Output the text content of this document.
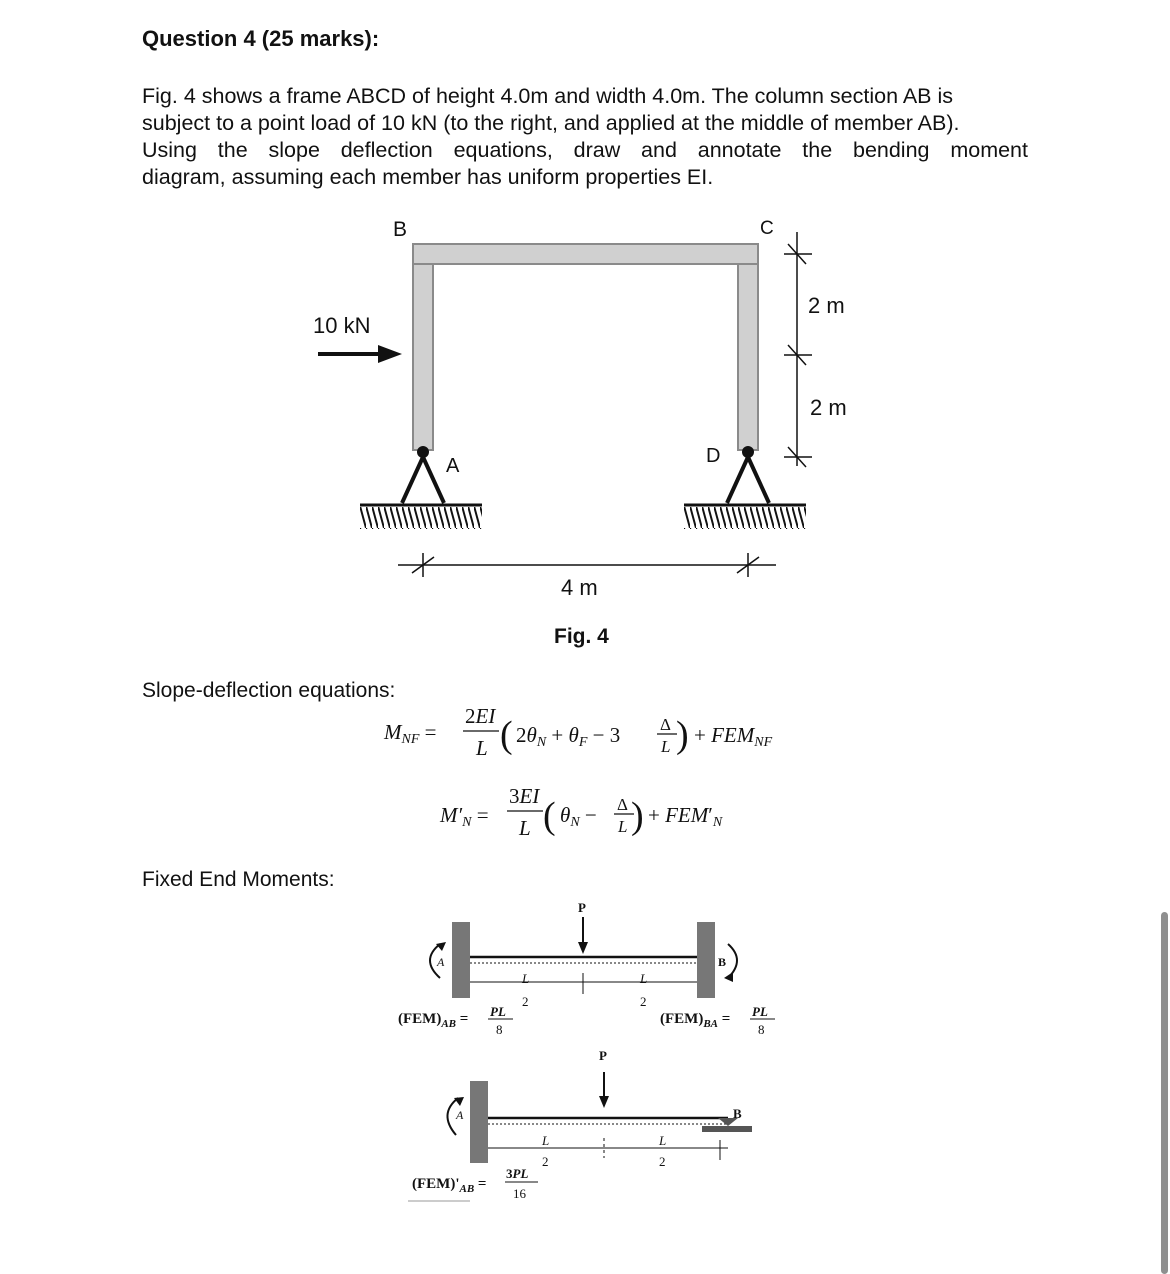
Question 4 (25 marks):
Fig. 4 shows a frame ABCD of height 4.0m and width 4.0m. The column section AB is
subject to a point load of 10 kN (to the right, and applied at the middle of member AB).
Using the slope deflection equations, draw and annotate the bending moment
diagram, assuming each member has uniform properties EI.
MNF =
2EI
L ( 2θN + θF − 3 Δ
L ) + FEMNF
M′N =
3EI
L ( θN − Δ
L ) + FEM′N
P
A	B
L
2
L
2
$(FEM)_{AB}$ = PL
8
$(FEM)_{BA}$ = PL
8
P
A	B
L
2
L
2
$(FEM)'_{AB}$ =
3PL
16
B	C
A	D
10 kN
2 m
2 m
4 m
Fig. 4
Slope-deflection equations:
Fixed End Moments:
